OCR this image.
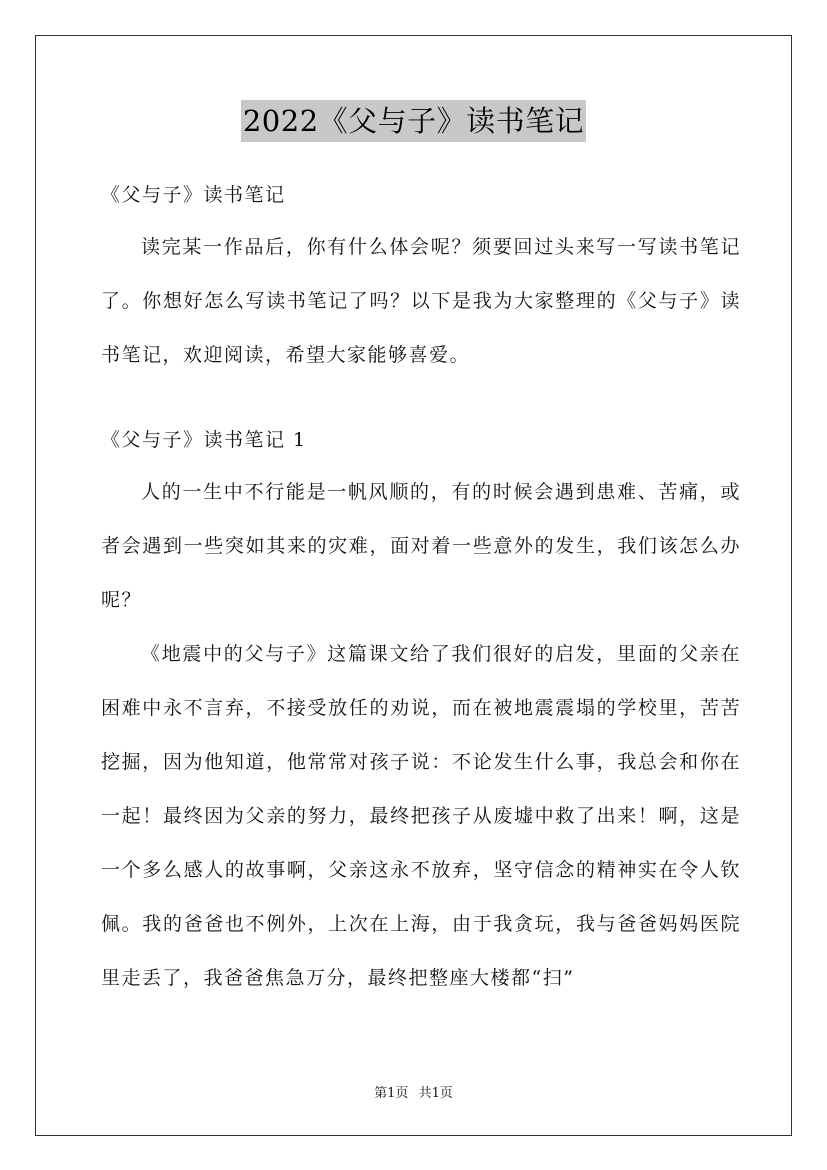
2022《父与子》读书笔记

《父与子》读书笔记

读完某一作品后，你有什么体会呢？须要回过头来写一写读书笔记了。你想好怎么写读书笔记了吗？以下是我为大家整理的《父与子》读书笔记，欢迎阅读，希望大家能够喜爱。

《父与子》读书笔记 1

人的一生中不行能是一帆风顺的，有的时候会遇到患难、苦痛，或者会遇到一些突如其来的灾难，面对着一些意外的发生，我们该怎么办呢？

《地震中的父与子》这篇课文给了我们很好的启发，里面的父亲在困难中永不言弃，不接受放任的劝说，而在被地震震塌的学校里，苦苦挖掘，因为他知道，他常常对孩子说：不论发生什么事，我总会和你在一起！最终因为父亲的努力，最终把孩子从废墟中救了出来！啊，这是一个多么感人的故事啊，父亲这永不放弃，坚守信念的精神实在令人钦佩。我的爸爸也不例外，上次在上海，由于我贪玩，我与爸爸妈妈医院里走丢了，我爸爸焦急万分，最终把整座大楼都“扫”

第1页 共1页
